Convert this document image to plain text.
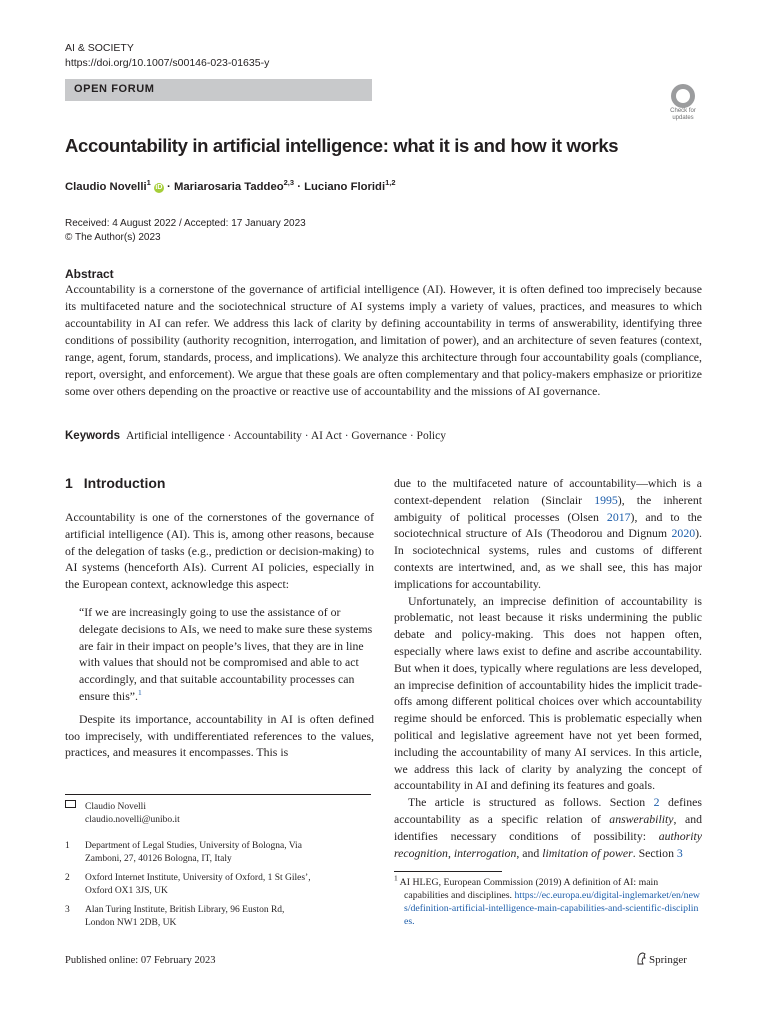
AI & SOCIETY
https://doi.org/10.1007/s00146-023-01635-y
OPEN FORUM
Check for
updates
Accountability in artificial intelligence: what it is and how it works
Claudio Novelli$^1$ iD · Mariarosaria Taddeo$^{2,3}$ · Luciano Floridi$^{1,2}$
Received: 4 August 2022 / Accepted: 17 January 2023
© The Author(s) 2023
Abstract
Accountability is a cornerstone of the governance of artificial intelligence (AI). However, it is often defined too imprecisely because its multifaceted nature and the sociotechnical structure of AI systems imply a variety of values, practices, and measures to which accountability in AI can refer. We address this lack of clarity by defining accountability in terms of answerability, identifying three conditions of possibility (authority recognition, interrogation, and limitation of power), and an architecture of seven features (context, range, agent, forum, standards, process, and implications). We analyze this architecture through four accountability goals (compliance, report, oversight, and enforcement). We argue that these goals are often complementary and that policy-makers emphasize or prioritize some over others depending on the proactive or reactive use of accountability and the missions of AI governance.
Keywords Artificial intelligence · Accountability · AI Act · Governance · Policy
1 Introduction

Accountability is one of the cornerstones of the governance of artificial intelligence (AI). This is, among other reasons, because of the delegation of tasks (e.g., prediction or decision-making) to AI systems (henceforth AIs). Current AI policies, especially in the European context, acknowledge this aspect:

“If we are increasingly going to use the assistance of or delegate decisions to AIs, we need to make sure these systems are fair in their impact on people’s lives, that they are in line with values that should not be compromised and able to act accordingly, and that suitable accountability processes can ensure this”.$^1$

Despite its importance, accountability in AI is often defined too imprecisely, with undifferentiated references to the values, practices, and measures it encompasses. This is

due to the multifaceted nature of accountability—which is a context-dependent relation (Sinclair 1995), the inherent ambiguity of political processes (Olsen 2017), and to the sociotechnical structure of AIs (Theodorou and Dignum 2020). In sociotechnical systems, rules and customs of different contexts are intertwined, and, as we shall see, this has major implications for accountability.

Unfortunately, an imprecise definition of accountability is problematic, not least because it risks undermining the public debate and policy-making. This does not happen often, especially where laws exist to define and ascribe accountability. But when it does, typically where regulations are less developed, an imprecise definition of accountability hides the implicit trade-offs among different political choices over which accountability regime should be enforced. This is problematic especially when political and legislative agreement have not yet been formed, including the accountability of many AI services. In this article, we address this lack of clarity by analyzing the concept of accountability in AI and defining its features and goals.

The article is structured as follows. Section 2 defines accountability as a specific relation of answerability, and identifies necessary conditions of possibility: authority recognition, interrogation, and limitation of power. Section 3

Claudio Novelli
claudio.novelli@unibo.it
1 Department of Legal Studies, University of Bologna, Via
Zamboni, 27, 40126 Bologna, IT, Italy
2 Oxford Internet Institute, University of Oxford, 1 St Giles’,
Oxford OX1 3JS, UK
3 Alan Turing Institute, British Library, 96 Euston Rd,
London NW1 2DB, UK
$^1$ AI HLEG, European Commission (2019) A definition of AI: main capabilities and disciplines. https://ec.europa.eu/digital-inglemarket/en/news/definition-artificial-intelligence-main-capabilities-and-scientific-disciplines.
Published online: 07 February 2023	Springer
